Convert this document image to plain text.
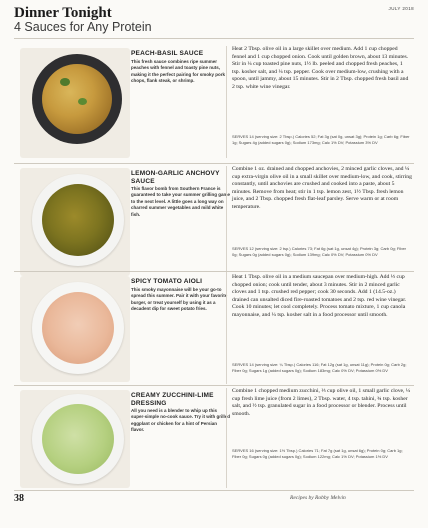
Dinner Tonight
4 Sauces for Any Protein
JULY 2018
PEACH-BASIL SAUCE
This fresh sauce combines ripe summer peaches with fennel and toasty pine nuts, making it the perfect pairing for smoky pork chops, flank steak, or shrimp.
Heat 2 Tbsp. olive oil in a large skillet over medium. Add 1 cup chopped fennel and 1 cup chopped onion. Cook until golden brown, about 13 minutes. Stir in ¼ cup toasted pine nuts, 1½ lb. peeled and chopped fresh peaches, 1 tsp. kosher salt, and ¼ tsp. pepper. Cook over medium-low, crushing with a spoon, until jammy, about 15 minutes. Stir in 2 Tbsp. chopped fresh basil and 2 tsp. white wine vinegar.
SERVES 14 (serving size: 2 Tbsp.) Calories 52; Fat 3g (sat 0g, unsat 3g); Protein 1g; Carb 6g; Fiber 1g; Sugars 4g (added sugars 0g); Sodium 173mg; Calc 1% DV; Potassium 3% DV
LEMON-GARLIC ANCHOVY SAUCE
This flavor bomb from Southern France is guaranteed to take your summer grilling game to the next level. A little goes a long way on charred summer vegetables and mild white fish.
Combine 1 oz. drained and chopped anchovies, 2 minced garlic cloves, and ¼ cup extra-virgin olive oil in a small skillet over medium-low, and cook, stirring constantly, until anchovies are crushed and cooked into a paste, about 5 minutes. Remove from heat; stir in 1 tsp. lemon zest, 1½ Tbsp. fresh lemon juice, and 2 Tbsp. chopped fresh flat-leaf parsley. Serve warm or at room temperature.
SERVES 12 (serving size: 2 tsp.) Calories 73; Fat 6g (sat 1g, unsat 4g); Protein 3g; Carb 0g; Fiber 0g; Sugars 0g (added sugars 0g); Sodium 139mg; Calc 0% DV; Potassium 0% DV
SPICY TOMATO AIOLI
This smoky mayonnaise will be your go-to spread this summer. Pair it with your favorite burger, or treat yourself by using it as a decadent dip for sweet potato fries.
Heat 1 Tbsp. olive oil in a medium saucepan over medium-high. Add ⅓ cup chopped onion; cook until tender, about 3 minutes. Stir in 2 minced garlic cloves and 1 tsp. crushed red pepper; cook 30 seconds. Add 1 (14.5-oz.) drained can unsalted diced fire-roasted tomatoes and 2 tsp. red wine vinegar. Cook 10 minutes; let cool completely. Process tomato mixture, 1 cup canola mayonnaise, and ¼ tsp. kosher salt in a food processor until smooth.
SERVES 14 (serving size: ¼ Tbsp.) Calories 116; Fat 12g (sat 1g, unsat 11g); Protein 0g; Carb 2g; Fiber 0g; Sugars 1g (added sugars 0g); Sodium 183mg; Calc 0% DV; Potassium 0% DV
CREAMY ZUCCHINI-LIME DRESSING
All you need is a blender to whip up this super-simple no-cook sauce. Try it with grilled eggplant or chicken for a hint of Persian flavor.
Combine 1 chopped medium zucchini, ⅓ cup olive oil, 1 small garlic clove, ¼ cup fresh lime juice (from 2 limes), 2 Tbsp. water, 4 tsp. tahini, ¾ tsp. kosher salt, and ½ tsp. granulated sugar in a food processor or blender. Process until smooth.
SERVES 16 (serving size: 1½ Tbsp.) Calories 71; Fat 7g (sat 1g, unsat 6g); Protein 0g; Carb 1g; Fiber 0g; Sugars 0g (added sugars 0g); Sodium 122mg; Calc 1% DV; Potassium 1% DV
38	Recipes by Robby Melvin
